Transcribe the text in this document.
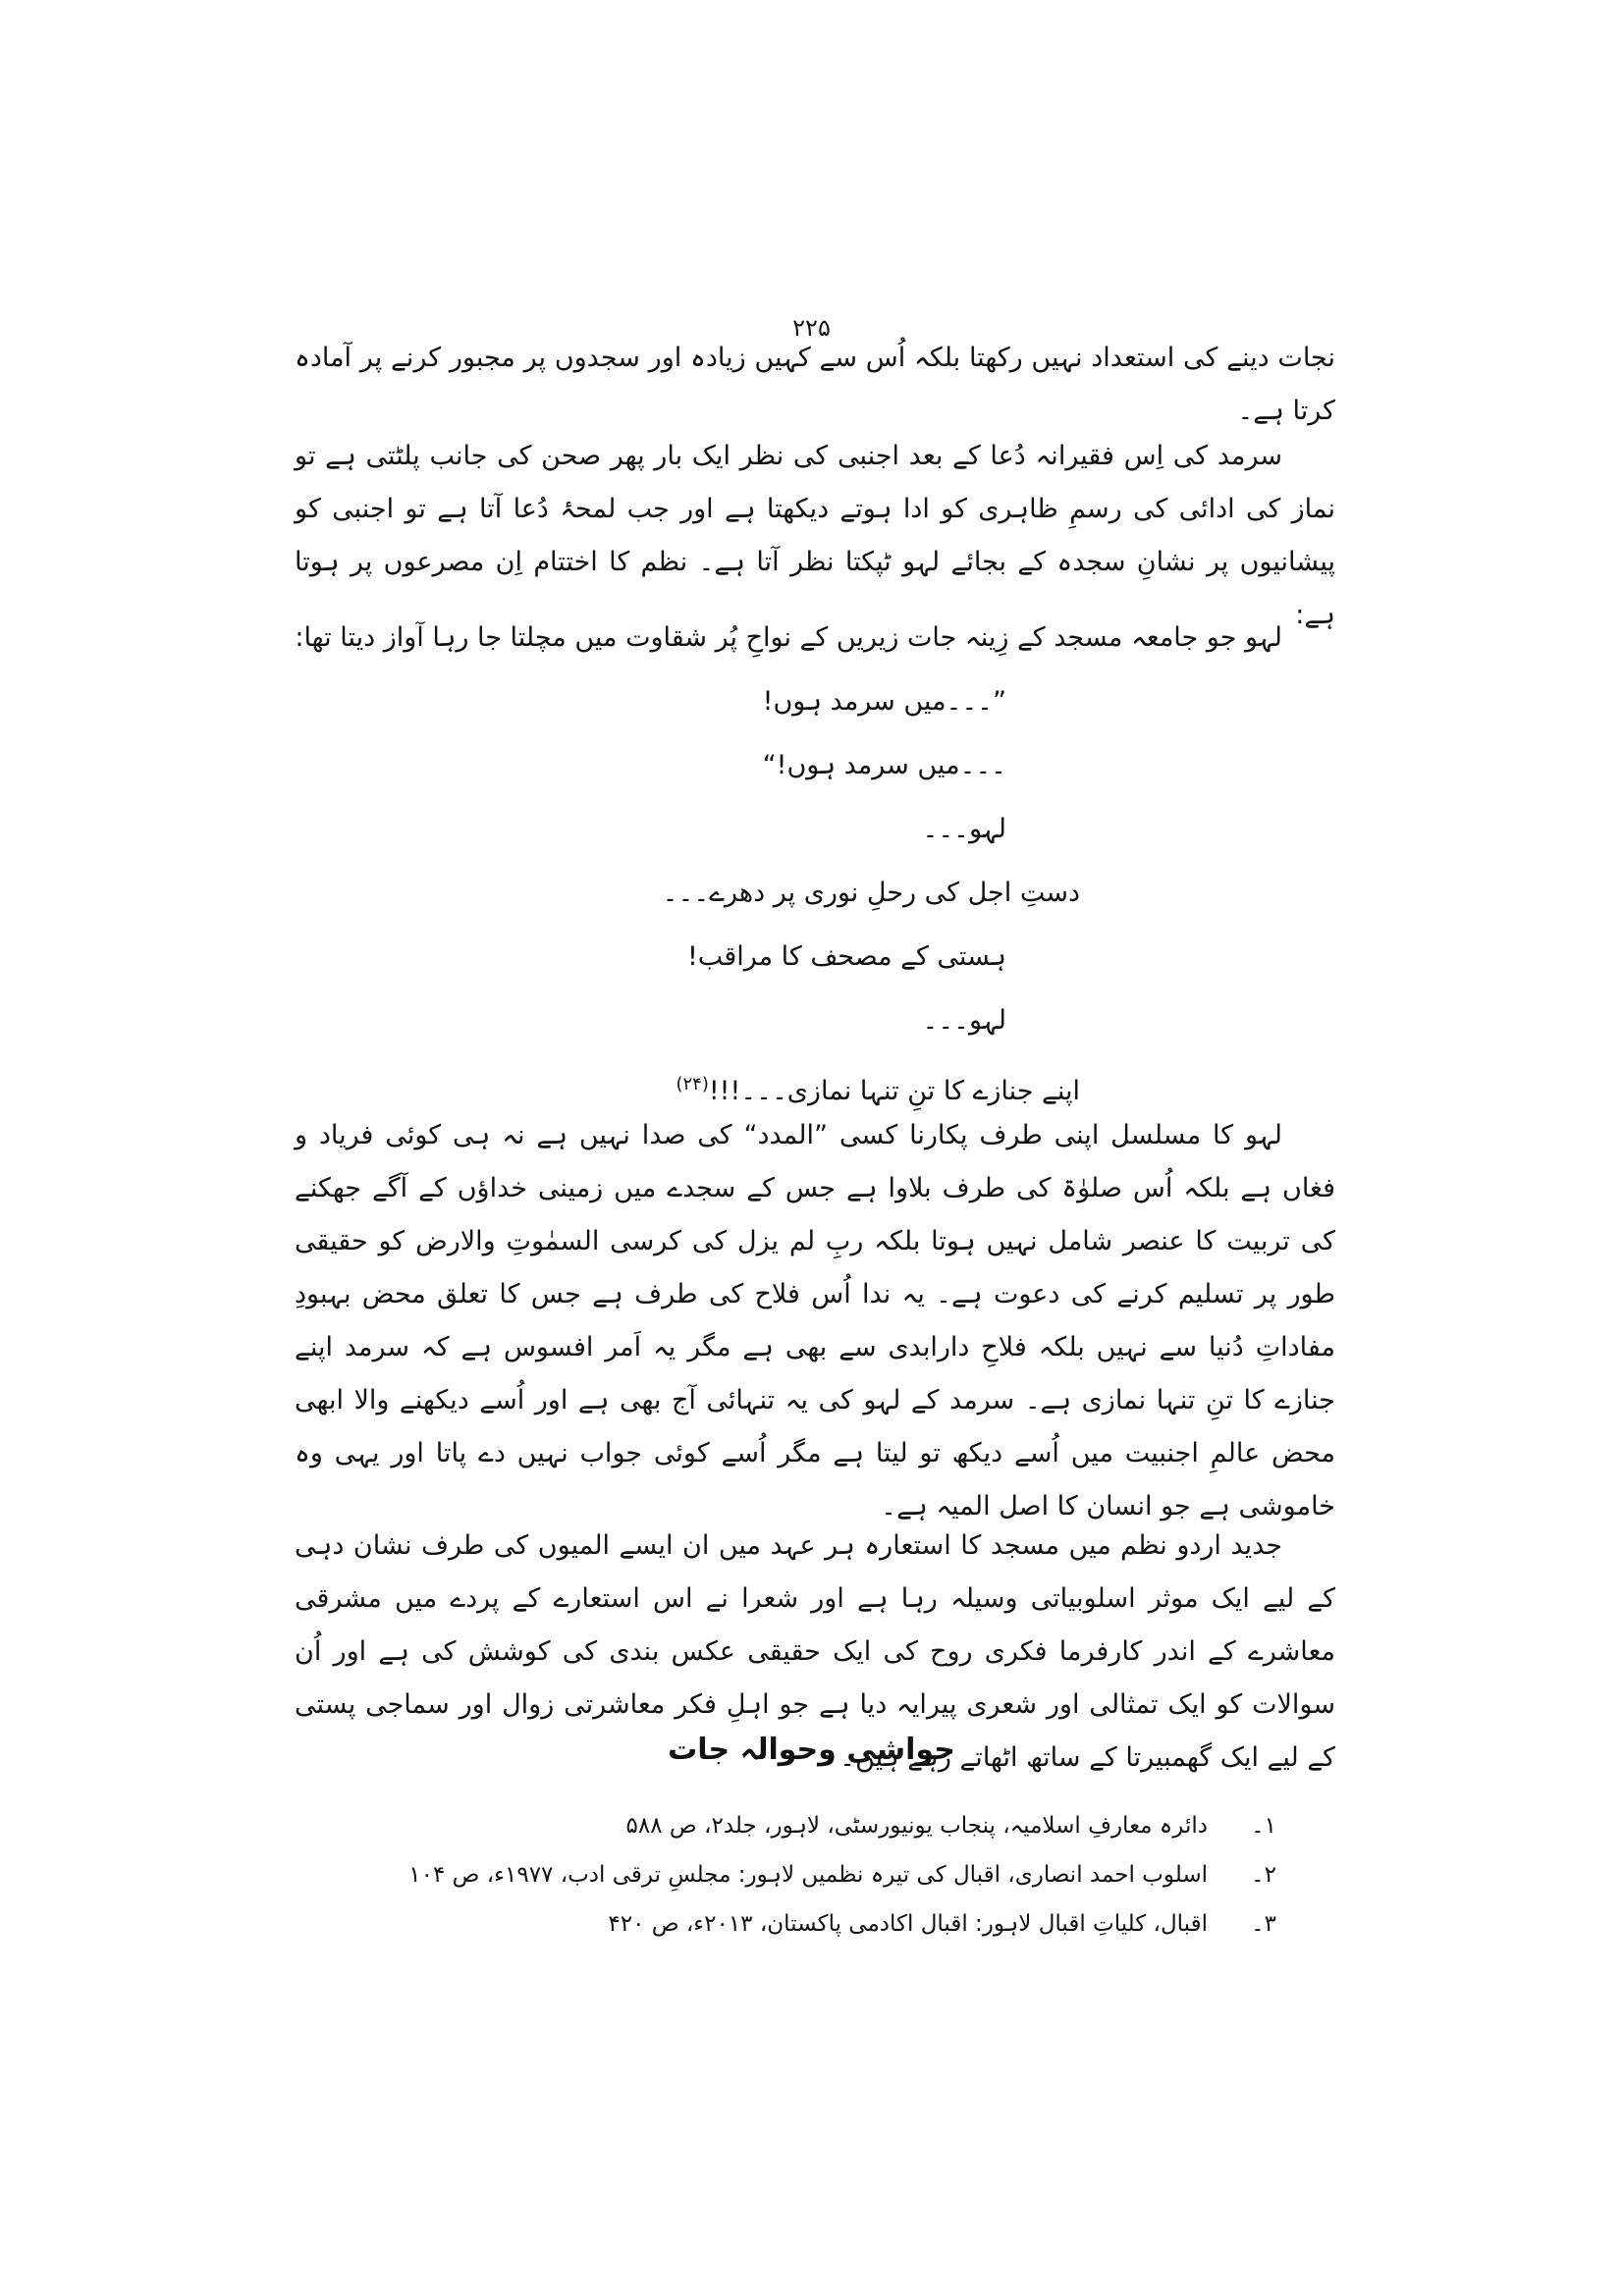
۲۲۵

نجات دینے کی استعداد نہیں رکھتا بلکہ اُس سے کہیں زیادہ اور سجدوں پر مجبور کرنے پر آمادہ کرتا ہے۔

سرمد کی اِس فقیرانہ دُعا کے بعد اجنبی کی نظر ایک بار پھر صحن کی جانب پلٹتی ہے تو نماز کی ادائی کی رسمِ ظاہری کو ادا ہوتے دیکھتا ہے اور جب لمحۂ دُعا آتا ہے تو اجنبی کو پیشانیوں پر نشانِ سجدہ کے بجائے لہو ٹپکتا نظر آتا ہے۔ نظم کا اختتام اِن مصرعوں پر ہوتا ہے:

لہو جو جامعہ مسجد کے زِینہ جات زیریں کے نواحِ پُر شقاوت میں مچلتا جا رہا آواز دیتا تھا:
”۔۔۔میں سرمد ہوں!
۔۔۔میں سرمد ہوں!“
لہو۔۔۔
دستِ اجل کی رحلِ نوری پر دھرے۔۔۔
ہستی کے مصحف کا مراقب!
لہو۔۔۔
اپنے جنازے کا تنِ تنہا نمازی۔۔۔!!!$^{(۲۴)}$

لہو کا مسلسل اپنی طرف پکارنا کسی ”المدد“ کی صدا نہیں ہے نہ ہی کوئی فریاد و فغاں ہے بلکہ اُس صلوٰۃ کی طرف بلاوا ہے جس کے سجدے میں زمینی خداؤں کے آگے جھکنے کی تربیت کا عنصر شامل نہیں ہوتا بلکہ ربِ لم یزل کی کرسی السمٰوتِ والارض کو حقیقی طور پر تسلیم کرنے کی دعوت ہے۔ یہ ندا اُس فلاح کی طرف ہے جس کا تعلق محض بہبودِ مفاداتِ دُنیا سے نہیں بلکہ فلاحِ دارابدی سے بھی ہے مگر یہ اَمر افسوس ہے کہ سرمد اپنے جنازے کا تنِ تنہا نمازی ہے۔ سرمد کے لہو کی یہ تنہائی آج بھی ہے اور اُسے دیکھنے والا ابھی محض عالمِ اجنبیت میں اُسے دیکھ تو لیتا ہے مگر اُسے کوئی جواب نہیں دے پاتا اور یہی وہ خاموشی ہے جو انسان کا اصل المیہ ہے۔

جدید اردو نظم میں مسجد کا استعارہ ہر عہد میں ان ایسے المیوں کی طرف نشان دہی کے لیے ایک موثر اسلوبیاتی وسیلہ رہا ہے اور شعرا نے اس استعارے کے پردے میں مشرقی معاشرے کے اندر کارفرما فکری روح کی ایک حقیقی عکس بندی کی کوشش کی ہے اور اُن سوالات کو ایک تمثالی اور شعری پیرایہ دیا ہے جو اہلِ فکر معاشرتی زوال اور سماجی پستی کے لیے ایک گھمبیرتا کے ساتھ اٹھاتے رہے ہیں۔

حواشی وحوالہ جات
۱۔دائرہ معارفِ اسلامیہ، پنجاب یونیورسٹی، لاہور، جلد۲، ص ۵۸۸
۲۔اسلوب احمد انصاری، اقبال کی تیرہ نظمیں لاہور: مجلسِ ترقی ادب، ۱۹۷۷ء، ص ۱۰۴
۳۔اقبال، کلیاتِ اقبال لاہور: اقبال اکادمی پاکستان، ۲۰۱۳ء، ص ۴۲۰
